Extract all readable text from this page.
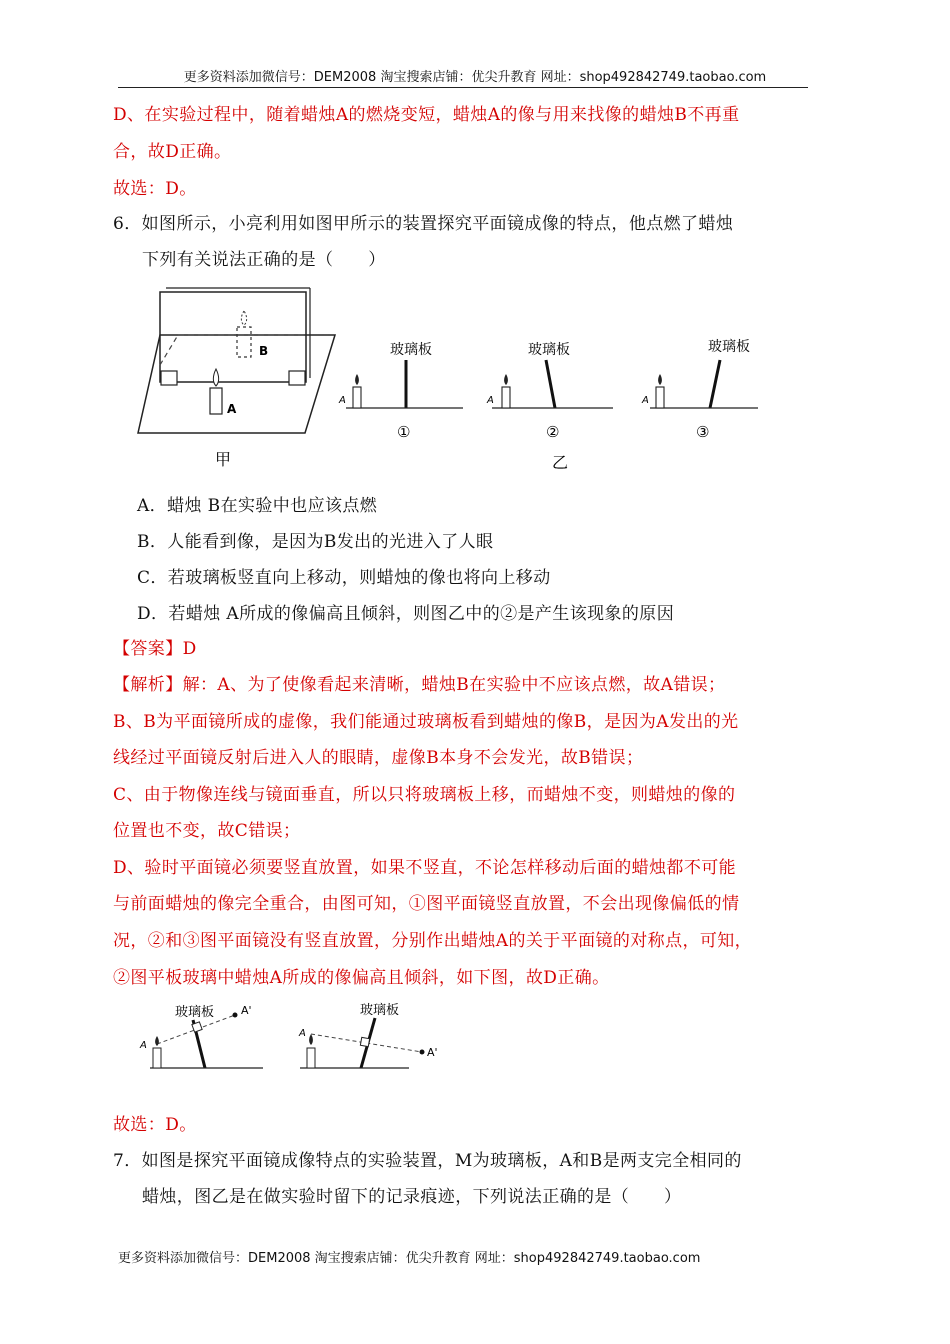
更多资料添加微信号：DEM2008 淘宝搜索店铺：优尖升教育 网址：shop492842749.taobao.com
D、在实验过程中，随着蜡烛A的燃烧变短，蜡烛A的像与用来找像的蜡烛B不再重
合，故D正确。
故选：D。
6．如图所示，小亮利用如图甲所示的装置探究平面镜成像的特点，他点燃了蜡烛
下列有关说法正确的是（　　）
B
A
甲
玻璃板
A
①
玻璃板
A
②
玻璃板
A
③
乙
A．蜡烛 B在实验中也应该点燃
B．人能看到像，是因为B发出的光进入了人眼
C．若玻璃板竖直向上移动，则蜡烛的像也将向上移动
D．若蜡烛 A所成的像偏高且倾斜，则图乙中的②是产生该现象的原因
【答案】D
【解析】解：A、为了使像看起来清晰，蜡烛B在实验中不应该点燃，故A错误；
B、B为平面镜所成的虚像，我们能通过玻璃板看到蜡烛的像B，是因为A发出的光
线经过平面镜反射后进入人的眼睛，虚像B本身不会发光，故B错误；
C、由于物像连线与镜面垂直，所以只将玻璃板上移，而蜡烛不变，则蜡烛的像的
位置也不变，故C错误；
D、验时平面镜必须要竖直放置，如果不竖直，不论怎样移动后面的蜡烛都不可能
与前面蜡烛的像完全重合，由图可知，①图平面镜竖直放置，不会出现像偏低的情
况，②和③图平面镜没有竖直放置，分别作出蜡烛A的关于平面镜的对称点，可知，
②图平板玻璃中蜡烛A所成的像偏高且倾斜，如下图，故D正确。
玻璃板 A'
A
玻璃板
A'
A
故选：D。
7．如图是探究平面镜成像特点的实验装置，M为玻璃板，A和B是两支完全相同的
蜡烛，图乙是在做实验时留下的记录痕迹，下列说法正确的是（　　）
更多资料添加微信号：DEM2008 淘宝搜索店铺：优尖升教育 网址：shop492842749.taobao.com
